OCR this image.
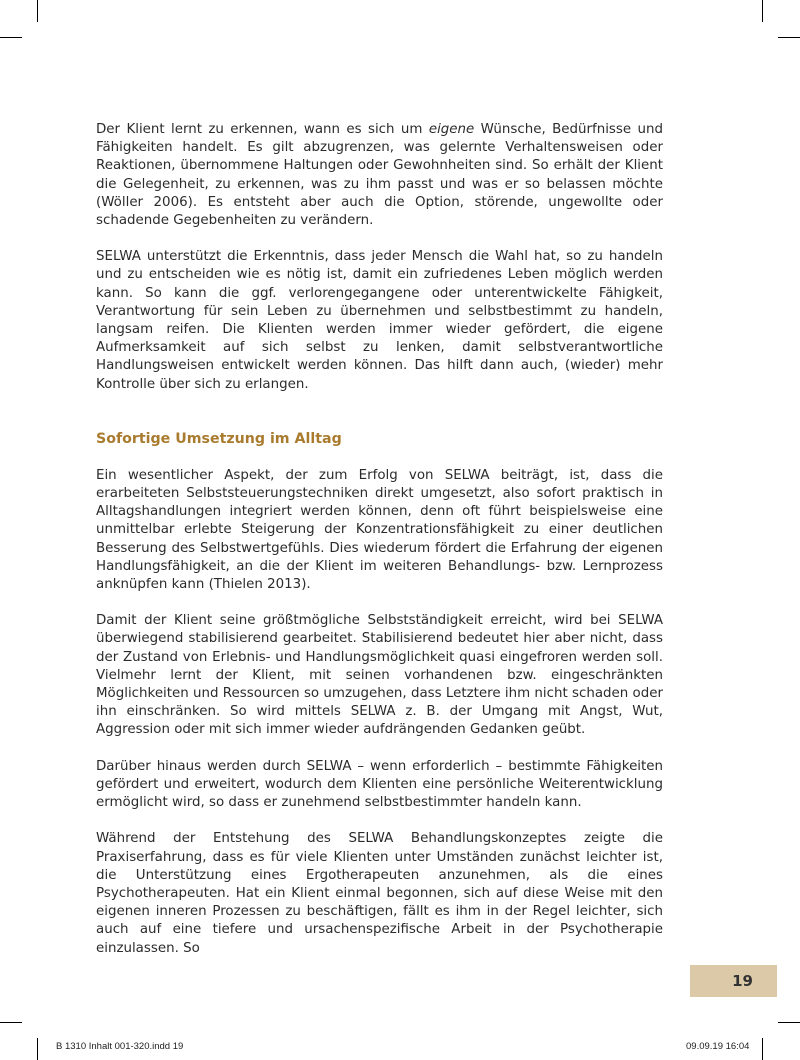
Der Klient lernt zu erkennen, wann es sich um eigene Wünsche, Bedürfnisse und Fähigkeiten handelt. Es gilt abzugrenzen, was gelernte Verhaltensweisen oder Reaktionen, übernommene Haltungen oder Gewohnheiten sind. So erhält der Klient die Gelegenheit, zu erkennen, was zu ihm passt und was er so belassen möchte (Wöller 2006). Es entsteht aber auch die Option, störende, ungewollte oder schadende Gegebenheiten zu verändern.

SELWA unterstützt die Erkenntnis, dass jeder Mensch die Wahl hat, so zu handeln und zu entscheiden wie es nötig ist, damit ein zufriedenes Leben möglich werden kann. So kann die ggf. verlorengegangene oder unterentwickelte Fähigkeit, Verantwortung für sein Leben zu übernehmen und selbstbestimmt zu handeln, langsam reifen. Die Klienten werden immer wieder gefördert, die eigene Aufmerksamkeit auf sich selbst zu lenken, damit selbstverantwortliche Handlungsweisen entwickelt werden können. Das hilft dann auch, (wieder) mehr Kontrolle über sich zu erlangen.

Sofortige Umsetzung im Alltag

Ein wesentlicher Aspekt, der zum Erfolg von SELWA beiträgt, ist, dass die erarbeiteten Selbststeuerungstechniken direkt umgesetzt, also sofort praktisch in Alltagshandlungen integriert werden können, denn oft führt beispielsweise eine unmittelbar erlebte Steigerung der Konzentrationsfähigkeit zu einer deutlichen Besserung des Selbstwertgefühls. Dies wiederum fördert die Erfahrung der eigenen Handlungsfähigkeit, an die der Klient im weiteren Behandlungs- bzw. Lernprozess anknüpfen kann (Thielen 2013).

Damit der Klient seine größtmögliche Selbstständigkeit erreicht, wird bei SELWA überwiegend stabilisierend gearbeitet. Stabilisierend bedeutet hier aber nicht, dass der Zustand von Erlebnis- und Handlungsmöglichkeit quasi eingefroren werden soll. Vielmehr lernt der Klient, mit seinen vorhandenen bzw. eingeschränkten Möglichkeiten und Ressourcen so umzugehen, dass Letztere ihm nicht schaden oder ihn einschränken. So wird mittels SELWA z. B. der Umgang mit Angst, Wut, Aggression oder mit sich immer wieder aufdrängenden Gedanken geübt.

Darüber hinaus werden durch SELWA – wenn erforderlich – bestimmte Fähigkeiten gefördert und erweitert, wodurch dem Klienten eine persönliche Weiterentwicklung ermöglicht wird, so dass er zunehmend selbstbestimmter handeln kann.

Während der Entstehung des SELWA Behandlungskonzeptes zeigte die Praxiserfahrung, dass es für viele Klienten unter Umständen zunächst leichter ist, die Unterstützung eines Ergotherapeuten anzunehmen, als die eines Psychotherapeuten. Hat ein Klient einmal begonnen, sich auf diese Weise mit den eigenen inneren Prozessen zu beschäftigen, fällt es ihm in der Regel leichter, sich auch auf eine tiefere und ursachenspezifische Arbeit in der Psychotherapie einzulassen. So

19
B 1310 Inhalt 001-320.indd 19	09.09.19 16:04
